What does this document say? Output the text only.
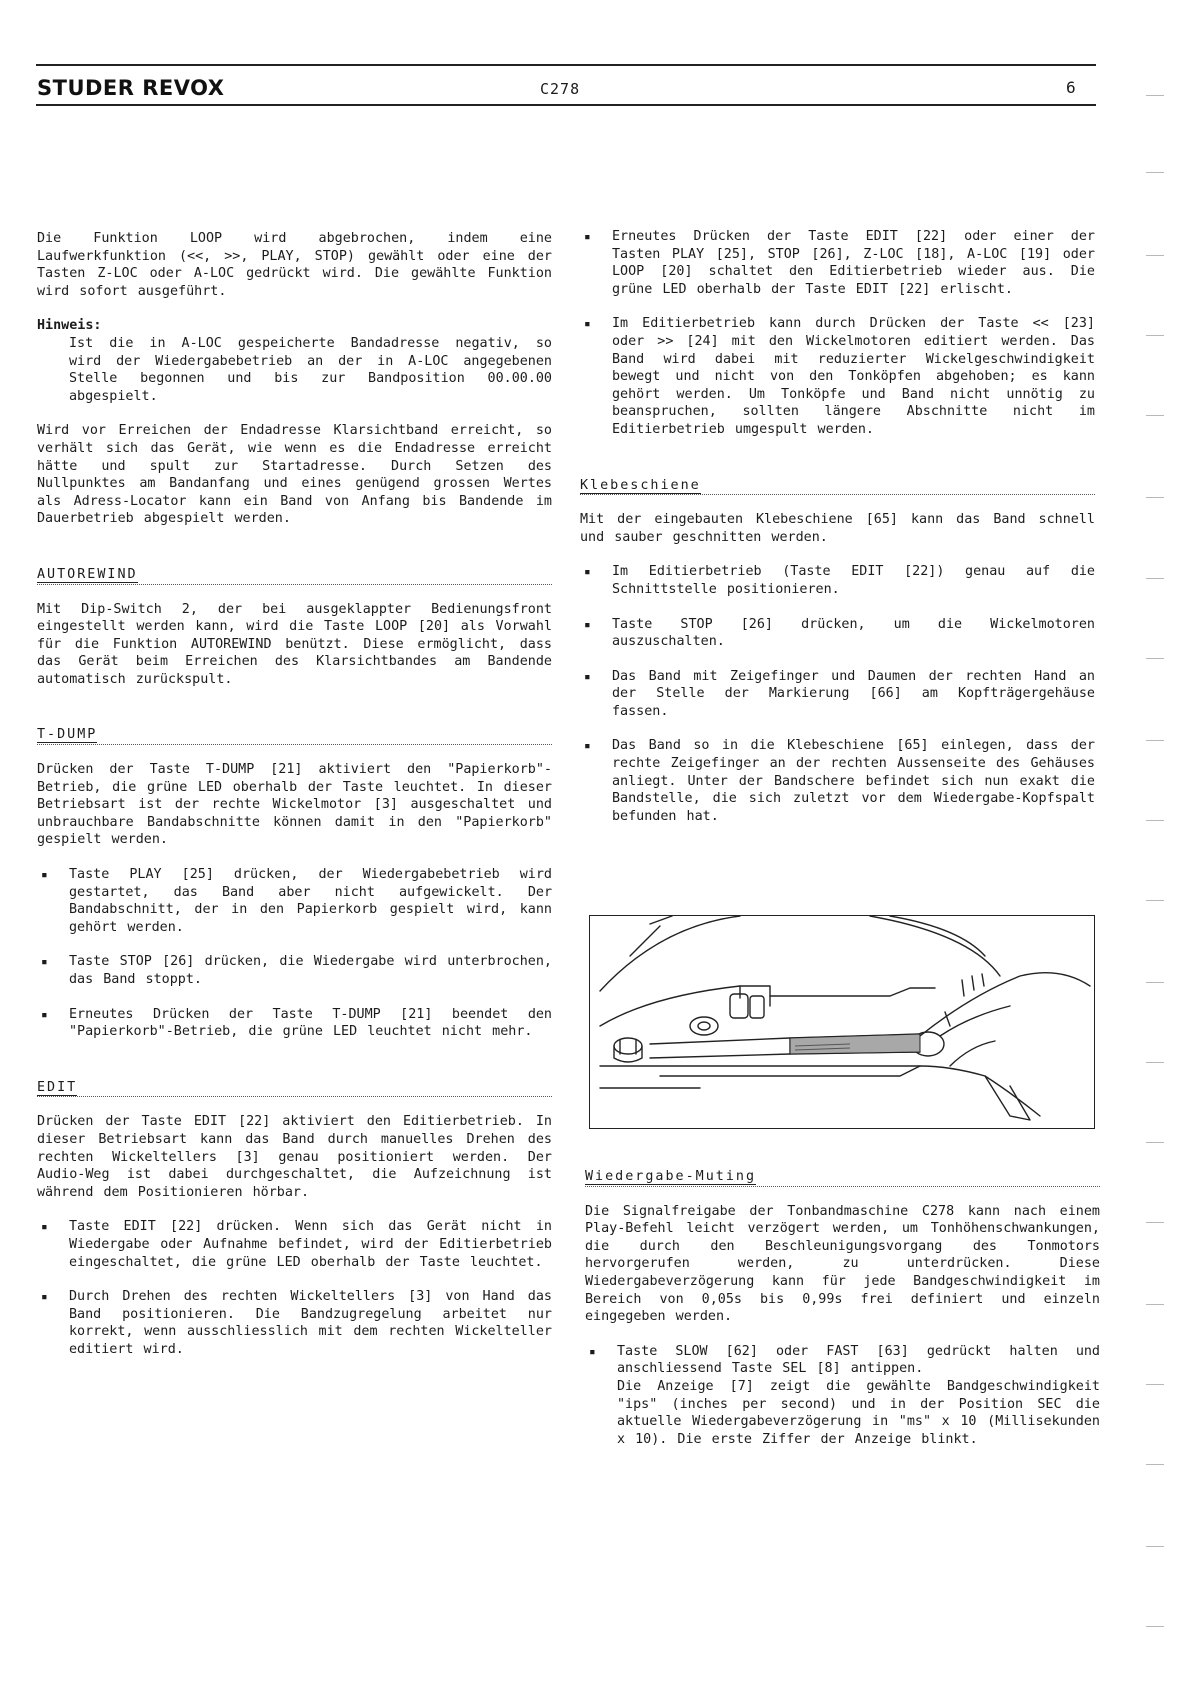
STUDER REVOX	C278	6

Die Funktion LOOP wird abgebrochen, indem eine Laufwerkfunktion (<<, >>, PLAY, STOP) gewählt oder eine der Tasten Z-LOC oder A-LOC gedrückt wird. Die gewählte Funktion wird sofort ausgeführt.

Hinweis:

Ist die in A-LOC gespeicherte Bandadresse negativ, so wird der Wiedergabebetrieb an der in A-LOC angegebenen Stelle begonnen und bis zur Bandposition 00.00.00 abgespielt.

Wird vor Erreichen der Endadresse Klarsichtband erreicht, so verhält sich das Gerät, wie wenn es die Endadresse erreicht hätte und spult zur Startadresse. Durch Setzen des Nullpunktes am Bandanfang und eines genügend grossen Wertes als Adress-Locator kann ein Band von Anfang bis Bandende im Dauerbetrieb abgespielt werden.

AUTOREWIND

Mit Dip-Switch 2, der bei ausgeklappter Bedienungsfront eingestellt werden kann, wird die Taste LOOP [20] als Vorwahl für die Funktion AUTOREWIND benützt. Diese ermöglicht, dass das Gerät beim Erreichen des Klarsichtbandes am Bandende automatisch zurückspult.

T-DUMP

Drücken der Taste T-DUMP [21] aktiviert den "Papierkorb"-Betrieb, die grüne LED oberhalb der Taste leuchtet. In dieser Betriebsart ist der rechte Wickelmotor [3] ausgeschaltet und unbrauchbare Bandabschnitte können damit in den "Papierkorb" gespielt werden.

▪ Taste PLAY [25] drücken, der Wiedergabebetrieb wird gestartet, das Band aber nicht aufgewickelt. Der Bandabschnitt, der in den Papierkorb gespielt wird, kann gehört werden.

▪ Taste STOP [26] drücken, die Wiedergabe wird unterbrochen, das Band stoppt.

▪ Erneutes Drücken der Taste T-DUMP [21] beendet den "Papierkorb"-Betrieb, die grüne LED leuchtet nicht mehr.

EDIT

Drücken der Taste EDIT [22] aktiviert den Editierbetrieb. In dieser Betriebsart kann das Band durch manuelles Drehen des rechten Wickeltellers [3] genau positioniert werden. Der Audio-Weg ist dabei durchgeschaltet, die Aufzeichnung ist während dem Positionieren hörbar.

▪ Taste EDIT [22] drücken. Wenn sich das Gerät nicht in Wiedergabe oder Aufnahme befindet, wird der Editierbetrieb eingeschaltet, die grüne LED oberhalb der Taste leuchtet.

▪ Durch Drehen des rechten Wickeltellers [3] von Hand das Band positionieren. Die Bandzugregelung arbeitet nur korrekt, wenn ausschliesslich mit dem rechten Wickelteller editiert wird.

▪ Erneutes Drücken der Taste EDIT [22] oder einer der Tasten PLAY [25], STOP [26], Z-LOC [18], A-LOC [19] oder LOOP [20] schaltet den Editierbetrieb wieder aus. Die grüne LED oberhalb der Taste EDIT [22] erlischt.

▪ Im Editierbetrieb kann durch Drücken der Taste << [23] oder >> [24] mit den Wickelmotoren editiert werden. Das Band wird dabei mit reduzierter Wickelgeschwindigkeit bewegt und nicht von den Tonköpfen abgehoben; es kann gehört werden. Um Tonköpfe und Band nicht unnötig zu beanspruchen, sollten längere Abschnitte nicht im Editierbetrieb umgespult werden.

Klebeschiene

Mit der eingebauten Klebeschiene [65] kann das Band schnell und sauber geschnitten werden.

▪ Im Editierbetrieb (Taste EDIT [22]) genau auf die Schnittstelle positionieren.

▪ Taste STOP [26] drücken, um die Wickelmotoren auszuschalten.

▪ Das Band mit Zeigefinger und Daumen der rechten Hand an der Stelle der Markierung [66] am Kopfträgergehäuse fassen.

▪ Das Band so in die Klebeschiene [65] einlegen, dass der rechte Zeigefinger an der rechten Aussenseite des Gehäuses anliegt. Unter der Bandschere befindet sich nun exakt die Bandstelle, die sich zuletzt vor dem Wiedergabe-Kopfspalt befunden hat.

Wiedergabe-Muting

Die Signalfreigabe der Tonbandmaschine C278 kann nach einem Play-Befehl leicht verzögert werden, um Tonhöhenschwankungen, die durch den Beschleunigungsvorgang des Tonmotors hervorgerufen werden, zu unterdrücken. Diese Wiedergabeverzögerung kann für jede Bandgeschwindigkeit im Bereich von 0,05s bis 0,99s frei definiert und einzeln eingegeben werden.

▪ Taste SLOW [62] oder FAST [63] gedrückt halten und anschliessend Taste SEL [8] antippen.

Die Anzeige [7] zeigt die gewählte Bandgeschwindigkeit "ips" (inches per second) und in der Position SEC die aktuelle Wiedergabeverzögerung in "ms" x 10 (Millisekunden x 10). Die erste Ziffer der Anzeige blinkt.
